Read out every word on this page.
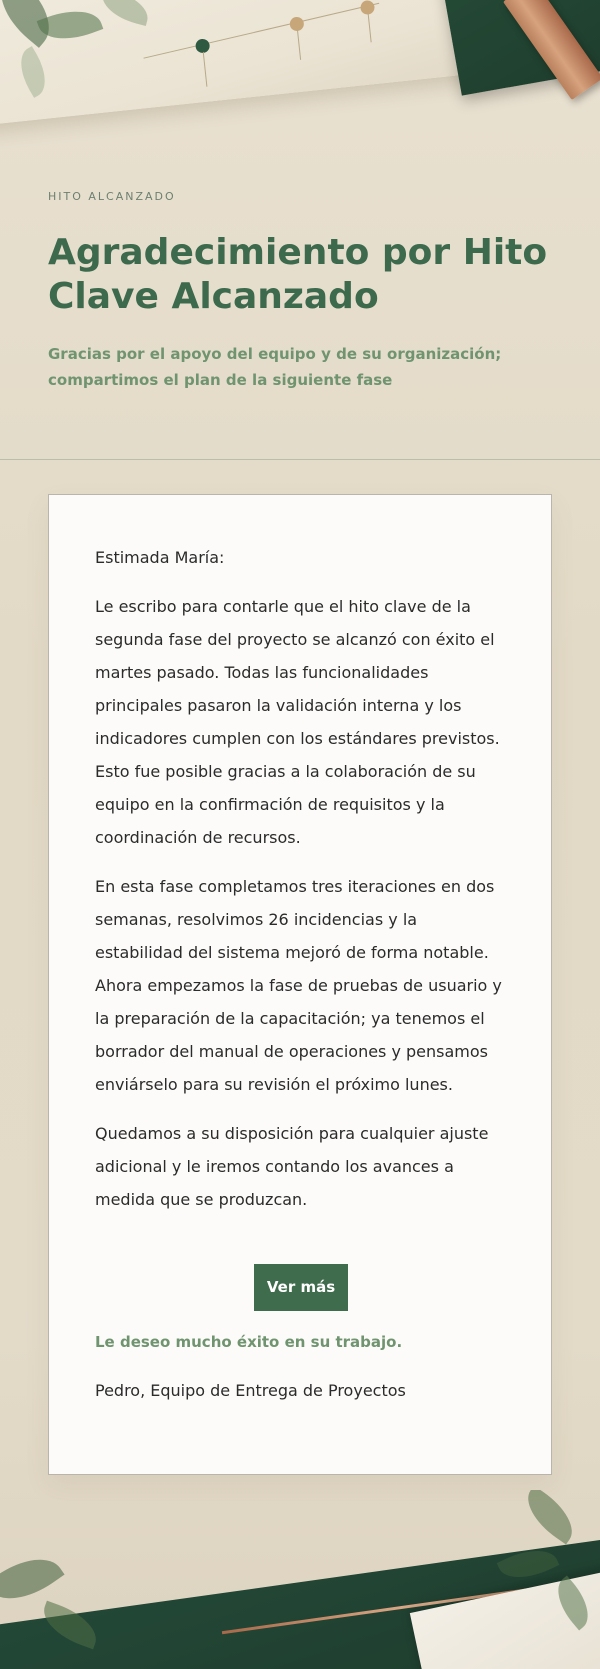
HITO ALCANZADO
Agradecimiento por Hito Clave Alcanzado

Gracias por el apoyo del equipo y de su organización; compartimos el plan de la siguiente fase

Estimada María:

Le escribo para contarle que el hito clave de la segunda fase del proyecto se alcanzó con éxito el martes pasado. Todas las funcionalidades principales pasaron la validación interna y los indicadores cumplen con los estándares previstos. Esto fue posible gracias a la colaboración de su equipo en la confirmación de requisitos y la coordinación de recursos.

En esta fase completamos tres iteraciones en dos semanas, resolvimos 26 incidencias y la estabilidad del sistema mejoró de forma notable. Ahora empezamos la fase de pruebas de usuario y la preparación de la capacitación; ya tenemos el borrador del manual de operaciones y pensamos enviárselo para su revisión el próximo lunes.

Quedamos a su disposición para cualquier ajuste adicional y le iremos contando los avances a medida que se produzcan.

Ver más

Le deseo mucho éxito en su trabajo.

Pedro, Equipo de Entrega de Proyectos
